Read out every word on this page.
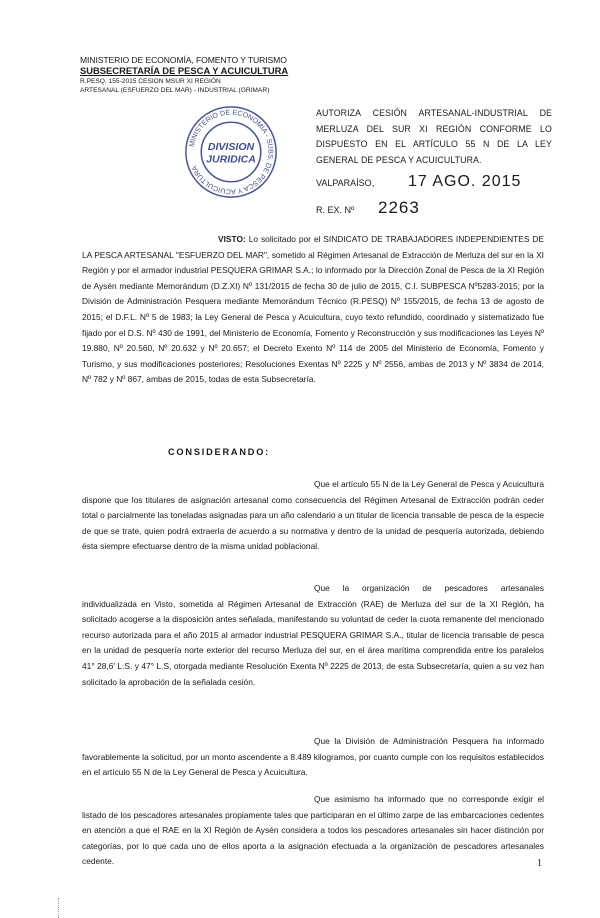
MINISTERIO DE ECONOMÍA, FOMENTO Y TURISMO
SUBSECRETARÍA DE PESCA Y ACUICULTURA
R.PESQ. 155-2015 CESION MSUR XI REGIÓN
ARTESANAL (ESFUERZO DEL MAR) - INDUSTRIAL (GRIMAR)
MINISTERIO DE ECONOMIA - SUBS. DE PESCA Y ACUICULTURA
DIVISION
JURIDICA
AUTORIZA CESIÓN ARTESANAL-INDUSTRIAL DE MERLUZA DEL SUR XI REGIÓN CONFORME LO DISPUESTO EN EL ARTÍCULO 55 N DE LA LEY GENERAL DE PESCA Y ACUICULTURA.
VALPARAÍSO, 17 AGO. 2015
R. EX. Nº 2263
VISTO: Lo solicitado por el SINDICATO DE TRABAJADORES INDEPENDIENTES DE LA PESCA ARTESANAL "ESFUERZO DEL MAR", sometido al Régimen Artesanal de Extracción de Merluza del sur en la XI Región y por el armador industrial PESQUERA GRIMAR S.A.; lo informado por la Dirección Zonal de Pesca de la XI Región de Aysén mediante Memorándum (D.Z.XI) Nº 131/2015 de fecha 30 de julio de 2015, C.I. SUBPESCA Nº5283-2015; por la División de Administración Pesquera mediante Memorándum Técnico (R.PESQ) Nº 155/2015, de fecha 13 de agosto de 2015; el D.F.L. Nº 5 de 1983; la Ley General de Pesca y Acuicultura, cuyo texto refundido, coordinado y sistematizado fue fijado por el D.S. Nº 430 de 1991, del Ministerio de Economía, Fomento y Reconstrucción y sus modificaciones las Leyes Nº 19.880, Nº 20.560, Nº 20.632 y Nº 20.657; el Decreto Exento Nº 114 de 2005 del Ministerio de Economía, Fomento y Turismo, y sus modificaciones posteriores; Resoluciones Exentas Nº 2225 y Nº 2556, ambas de 2013 y Nº 3834 de 2014, Nº 782 y Nº 867, ambas de 2015, todas de esta Subsecretaría.
CONSIDERANDO:
Que el artículo 55 N de la Ley General de Pesca y Acuicultura dispone que los titulares de asignación artesanal como consecuencia del Régimen Artesanal de Extracción podrán ceder total o parcialmente las toneladas asignadas para un año calendario a un titular de licencia transable de pesca de la especie de que se trate, quien podrá extraerla de acuerdo a su normativa y dentro de la unidad de pesquería autorizada, debiendo ésta siempre efectuarse dentro de la misma unidad poblacional.
Que la organización de pescadores artesanales individualizada en Visto, sometida al Régimen Artesanal de Extracción (RAE) de Merluza del sur de la XI Región, ha solicitado acogerse a la disposición antes señalada, manifestando su voluntad de ceder la cuota remanente del mencionado recurso autorizada para el año 2015 al armador industrial PESQUERA GRIMAR S.A., titular de licencia transable de pesca en la unidad de pesquería norte exterior del recurso Merluza del sur, en el área marítima comprendida entre los paralelos 41° 28,6' L.S. y 47° L.S, otorgada mediante Resolución Exenta Nº 2225 de 2013, de esta Subsecretaría, quien a su vez han solicitado la aprobación de la señalada cesión.
Que la División de Administración Pesquera ha informado favorablemente la solicitud, por un monto ascendente a 8.489 kilogramos, por cuanto cumple con los requisitos establecidos en el artículo 55 N de la Ley General de Pesca y Acuicultura.
Que asimismo ha informado que no corresponde exigir el listado de los pescadores artesanales propiamente tales que participaran en el último zarpe de las embarcaciones cedentes en atención a que el RAE en la XI Región de Aysén considera a todos los pescadores artesanales sin hacer distinción por categorías, por lo que cada uno de ellos aporta a la asignación efectuada a la organización de pescadores artesanales cedente.	1
